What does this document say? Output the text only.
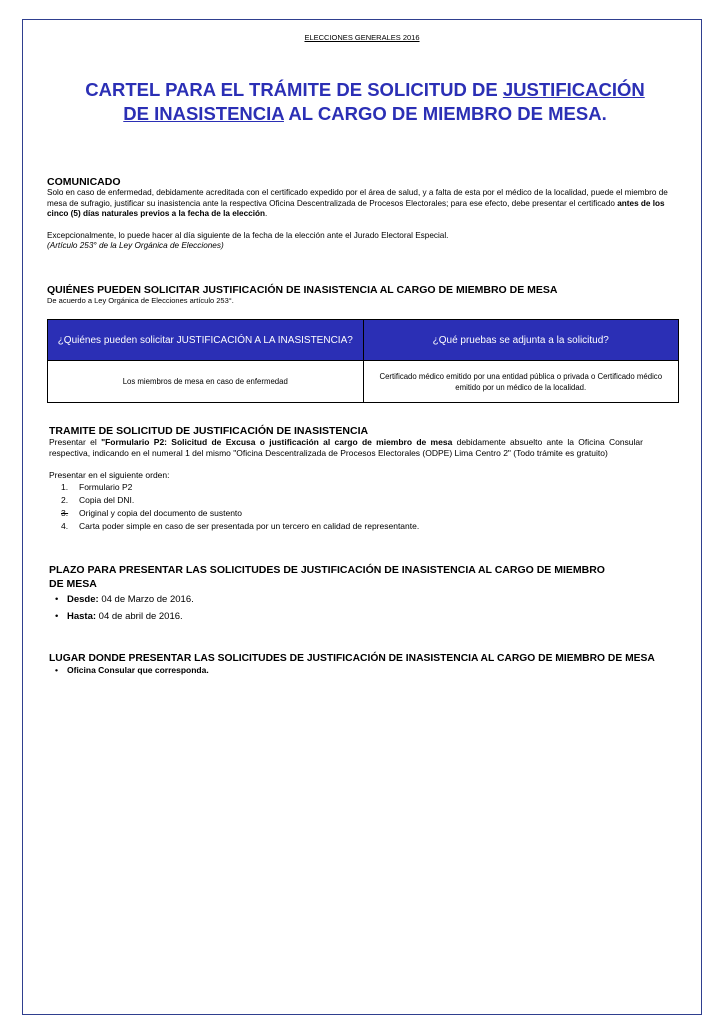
ELECCIONES GENERALES 2016
CARTEL PARA EL TRÁMITE DE SOLICITUD DE JUSTIFICACIÓN DE INASISTENCIA AL CARGO DE MIEMBRO DE MESA.
COMUNICADO
Solo en caso de enfermedad, debidamente acreditada con el certificado expedido por el área de salud, y a falta de esta por el médico de la localidad, puede el miembro de mesa de sufragio, justificar su inasistencia ante la respectiva Oficina Descentralizada de Procesos Electorales; para ese efecto, debe presentar el certificado antes de los cinco (5) días naturales previos a la fecha de la elección.
Excepcionalmente, lo puede hacer al día siguiente de la fecha de la elección ante el Jurado Electoral Especial.
(Artículo 253° de la Ley Orgánica de Elecciones)
QUIÉNES PUEDEN SOLICITAR JUSTIFICACIÓN DE INASISTENCIA AL CARGO DE MIEMBRO DE MESA
De acuerdo a Ley Orgánica de Elecciones artículo 253°.
¿Quiénes pueden solicitar JUSTIFICACIÓN A LA INASISTENCIA?	¿Qué pruebas se adjunta a la solicitud?
Los miembros de mesa en caso de enfermedad	Certificado médico emitido por una entidad pública o privada o Certificado médico emitido por un médico de la localidad.
TRAMITE DE SOLICITUD DE JUSTIFICACIÓN DE INASISTENCIA
Presentar el "Formulario P2: Solicitud de Excusa o justificación al cargo de miembro de mesa debidamente absuelto ante la Oficina Consular respectiva, indicando en el numeral 1 del mismo "Oficina Descentralizada de Procesos Electorales (ODPE) Lima Centro 2" (Todo trámite es gratuito)
Presentar en el siguiente orden:
1. Formulario P2
2. Copia del DNI.
3. Original y copia del documento de sustento
4. Carta poder simple en caso de ser presentada por un tercero en calidad de representante.
PLAZO PARA PRESENTAR LAS SOLICITUDES DE JUSTIFICACIÓN DE INASISTENCIA AL CARGO DE MIEMBRO DE MESA
• Desde: 04 de Marzo de 2016.
• Hasta: 04 de abril de 2016.
LUGAR DONDE PRESENTAR LAS SOLICITUDES DE JUSTIFICACIÓN DE INASISTENCIA AL CARGO DE MIEMBRO DE MESA
• Oficina Consular que corresponda.
